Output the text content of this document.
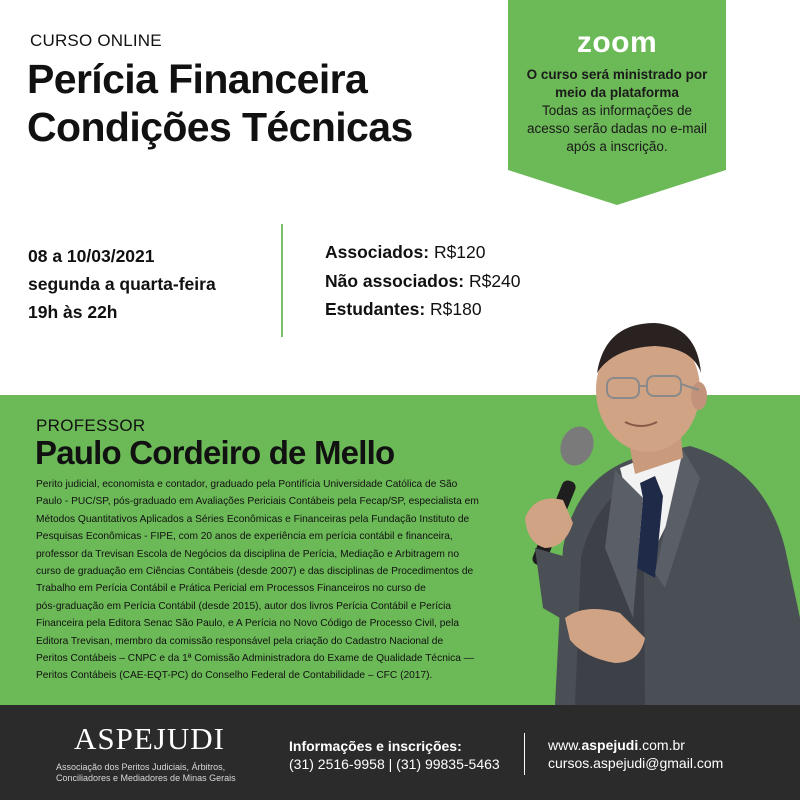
CURSO ONLINE
Perícia Financeira
Condições Técnicas
zoom
O curso será ministrado por
meio da plataforma
Todas as informações de
acesso serão dadas no e-mail
após a inscrição.
08 a 10/03/2021
segunda a quarta-feira
19h às 22h
Associados: R$120
Não associados: R$240
Estudantes: R$180
PROFESSOR
Paulo Cordeiro de Mello
Perito judicial, economista e contador, graduado pela Pontifícia Universidade Católica de São
Paulo - PUC/SP, pós-graduado em Avaliações Periciais Contábeis pela Fecap/SP, especialista em
Métodos Quantitativos Aplicados a Séries Econômicas e Financeiras pela Fundação Instituto de
Pesquisas Econômicas - FIPE, com 20 anos de experiência em perícia contábil e financeira,
professor da Trevisan Escola de Negócios da disciplina de Perícia, Mediação e Arbitragem no
curso de graduação em Ciências Contábeis (desde 2007) e das disciplinas de Procedimentos de
Trabalho em Perícia Contábil e Prática Pericial em Processos Financeiros no curso de
pós-graduação em Perícia Contábil (desde 2015), autor dos livros Perícia Contábil e Perícia
Financeira pela Editora Senac São Paulo, e A Perícia no Novo Código de Processo Civil, pela
Editora Trevisan, membro da comissão responsável pela criação do Cadastro Nacional de
Peritos Contábeis – CNPC e da 1ª Comissão Administradora do Exame de Qualidade Técnica —
Peritos Contábeis (CAE-EQT-PC) do Conselho Federal de Contabilidade – CFC (2017).
ASPEJUDI
Associação dos Peritos Judiciais, Árbitros,
Conciliadores e Mediadores de Minas Gerais
Informações e inscrições:
(31) 2516-9958 | (31) 99835-5463
www.aspejudi.com.br
cursos.aspejudi@gmail.com
